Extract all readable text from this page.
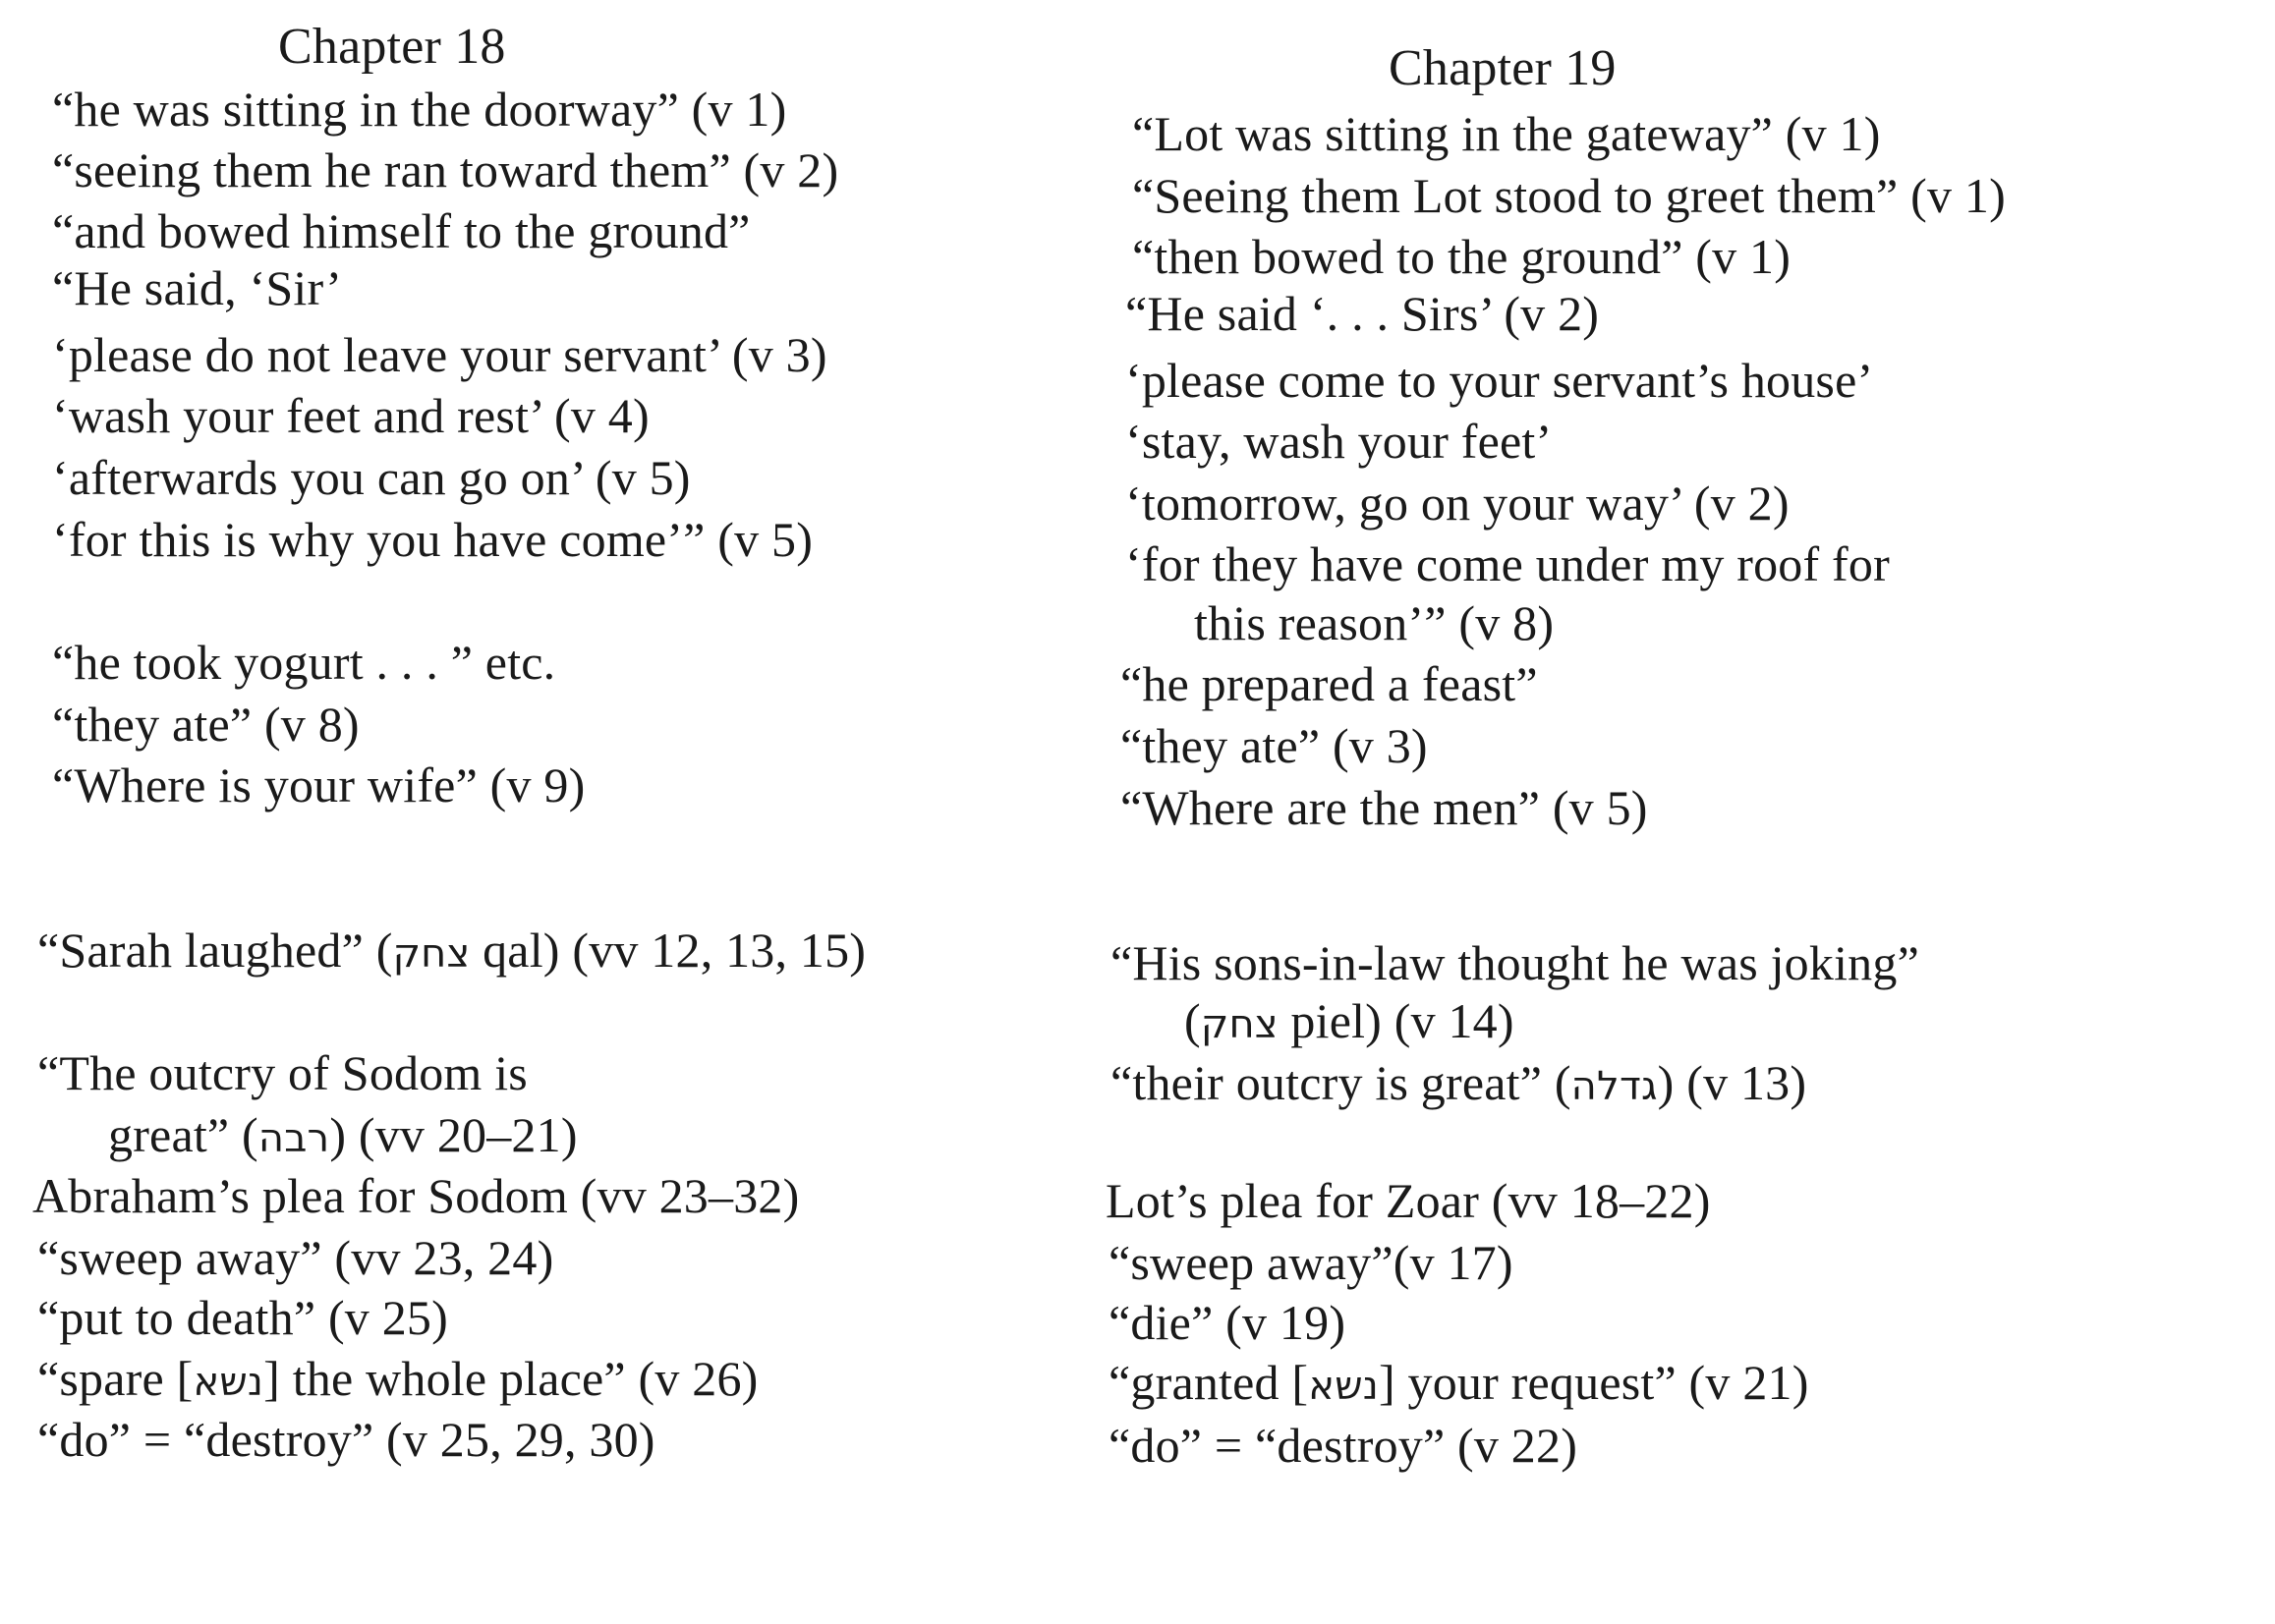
Chapter 18
“he was sitting in the doorway” (v 1)
“seeing them he ran toward them” (v 2)
“and bowed himself to the ground”
“He said, ‘Sir’
‘please do not leave your servant’ (v 3)
‘wash your feet and rest’ (v 4)
‘afterwards you can go on’ (v 5)
‘for this is why you have come’” (v 5)
“he took yogurt . . . ” etc.
“they ate” (v 8)
“Where is your wife” (v 9)
“Sarah laughed” (צחק qal) (vv 12, 13, 15)
“The outcry of Sodom is
great” (רבה) (vv 20–21)
Abraham’s plea for Sodom (vv 23–32)
“sweep away” (vv 23, 24)
“put to death” (v 25)
“spare [נשא] the whole place” (v 26)
“do” = “destroy” (v 25, 29, 30)
Chapter 19
“Lot was sitting in the gateway” (v 1)
“Seeing them Lot stood to greet them” (v 1)
“then bowed to the ground” (v 1)
“He said ‘. . . Sirs’ (v 2)
‘please come to your servant’s house’
‘stay, wash your feet’
‘tomorrow, go on your way’ (v 2)
‘for they have come under my roof for
this reason’” (v 8)
“he prepared a feast”
“they ate” (v 3)
“Where are the men” (v 5)
“His sons-in-law thought he was joking”
(צחק piel) (v 14)
“their outcry is great” (גדלה) (v 13)
Lot’s plea for Zoar (vv 18–22)
“sweep away”(v 17)
“die” (v 19)
“granted [נשא] your request” (v 21)
“do” = “destroy” (v 22)
